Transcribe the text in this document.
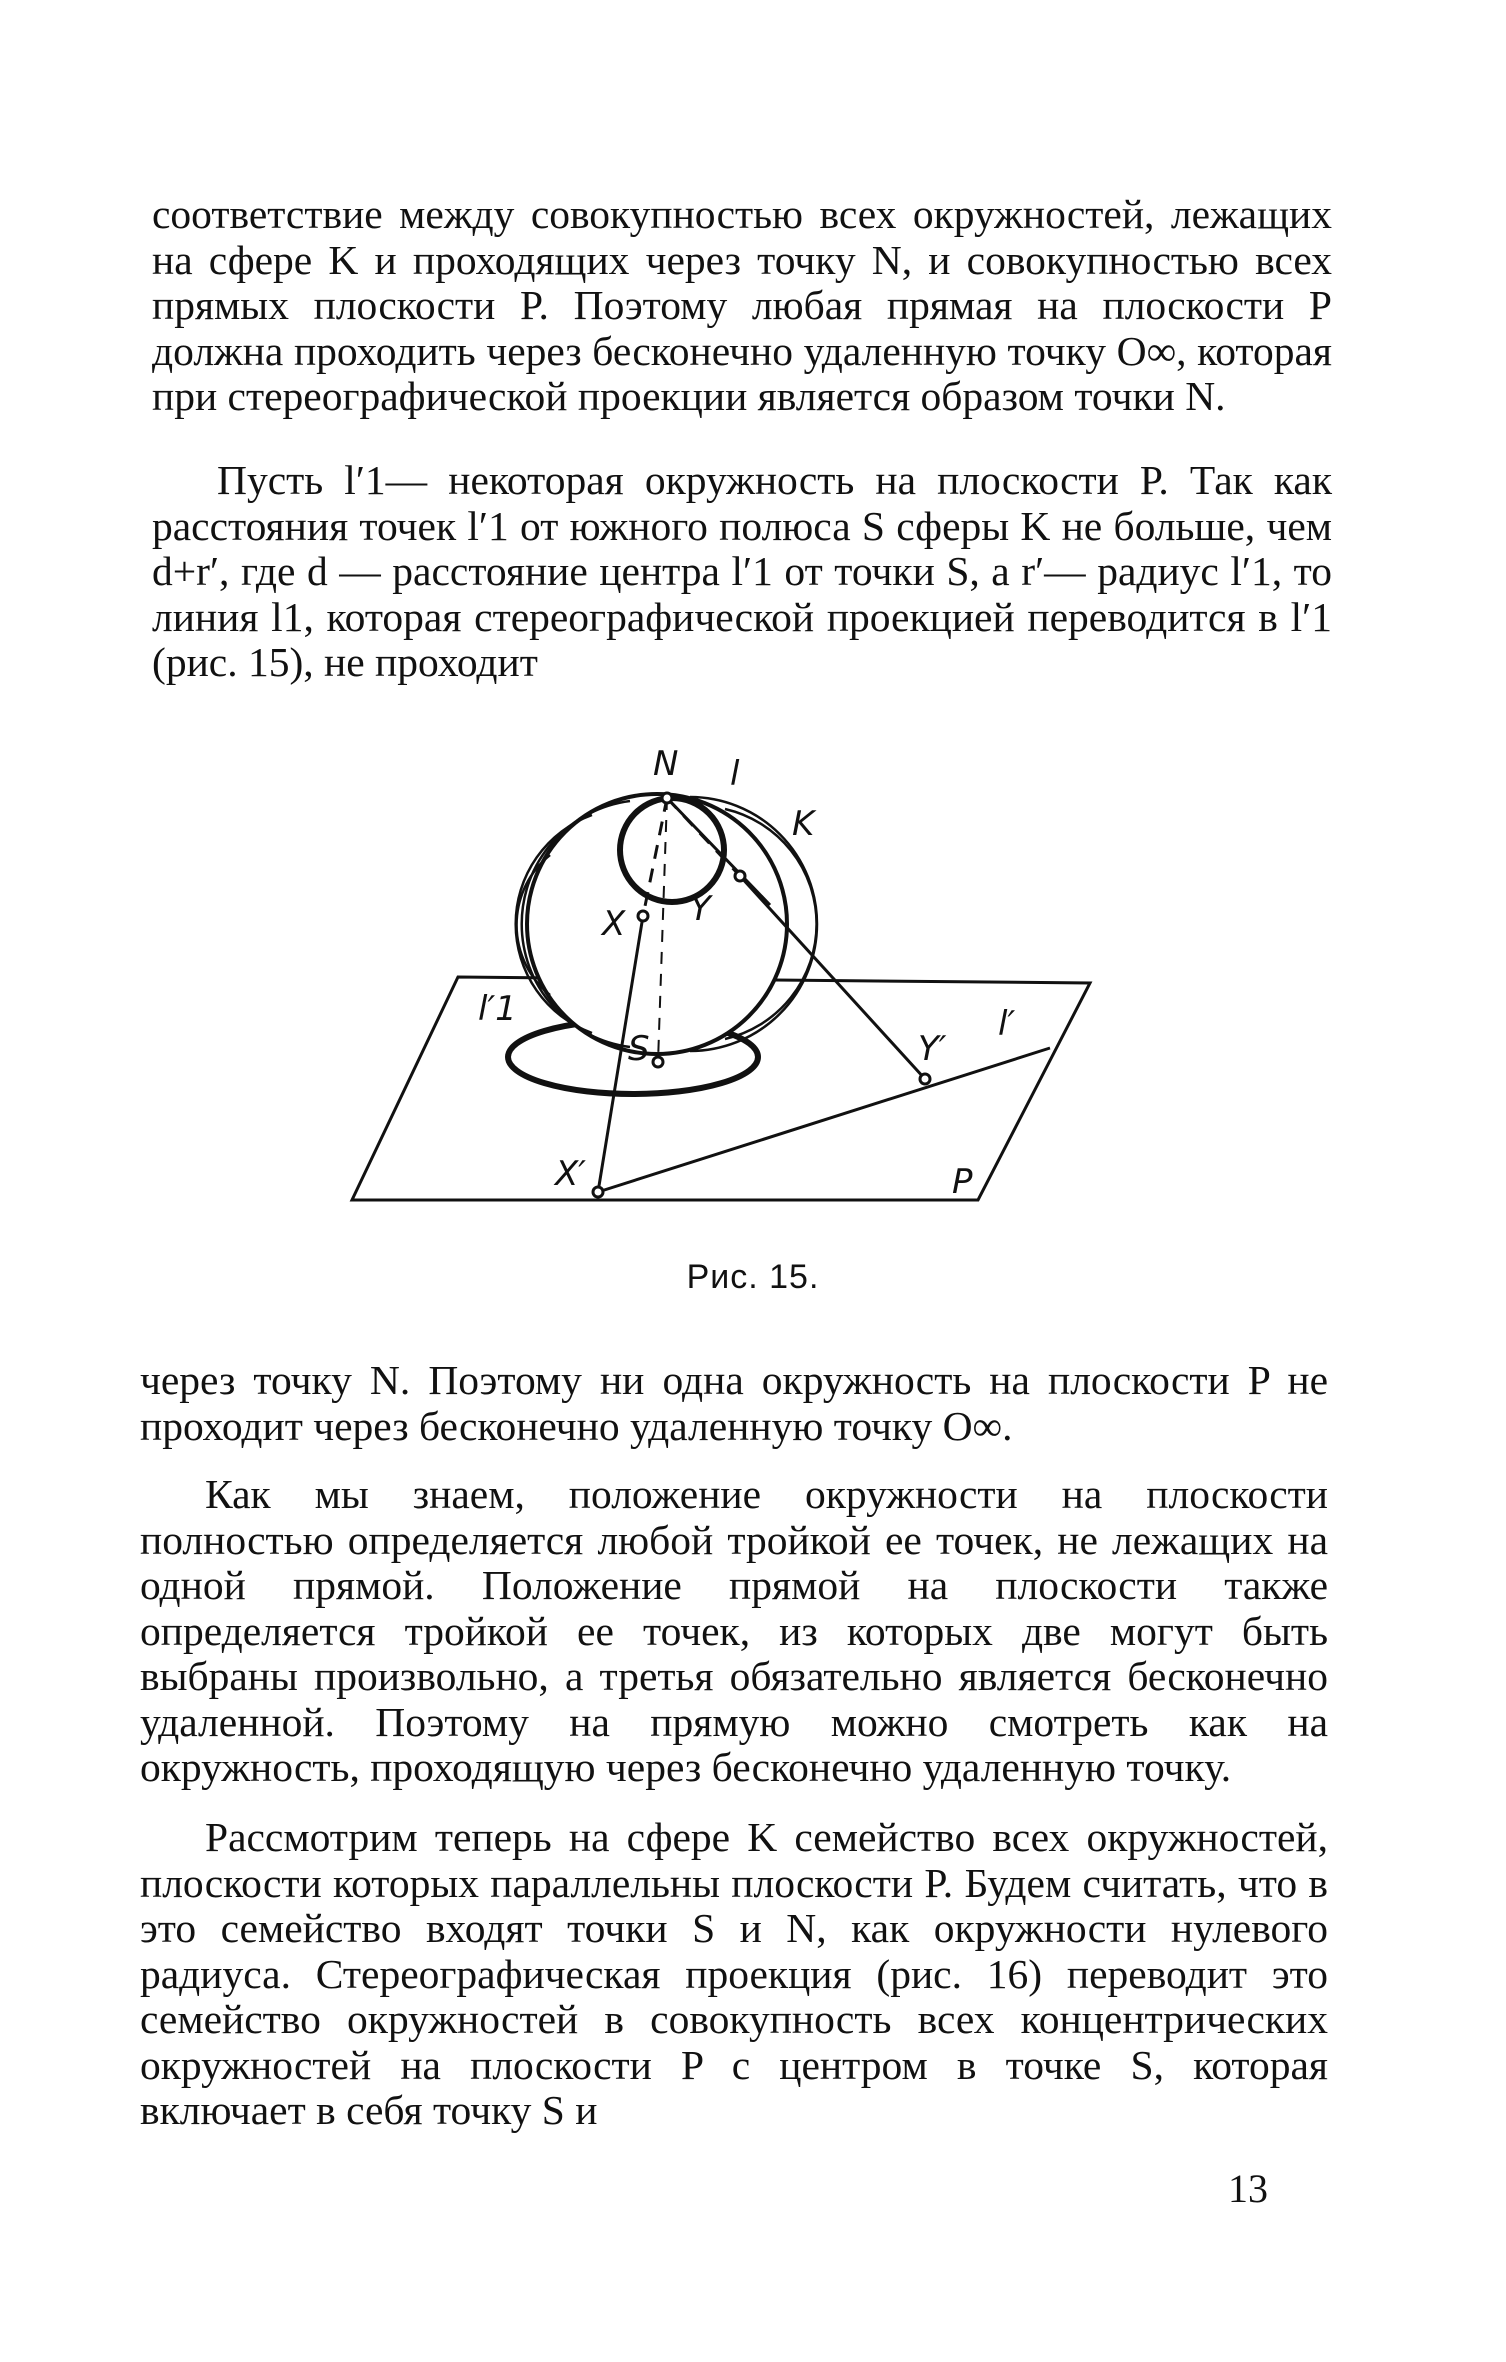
соответствие между совокупностью всех окружностей, лежащих на сфере K и проходящих через точку N, и совокупностью всех прямых плоскости P. Поэтому любая прямая на плоскости P должна проходить через бесконечно удаленную точку O∞, которая при стереографической проекции является образом точки N.

Пусть l′1— некоторая окружность на плоскости P. Так как расстояния точек l′1 от южного полюса S сферы K не больше, чем d+r′, где d — расстояние центра l′1 от точки S, а r′— радиус l′1, то линия l1, которая стереографической проекцией переводится в l′1 (рис. 15), не проходит

N l
K
X Y
l′1
S	Y′
l′
X′	P
Рис. 15.

через точку N. Поэтому ни одна окружность на плоскости P не проходит через бесконечно удаленную точку O∞.

Как мы знаем, положение окружности на плоскости полностью определяется любой тройкой ее точек, не лежащих на одной прямой. Положение прямой на плоскости также определяется тройкой ее точек, из которых две могут быть выбраны произвольно, а третья обязательно является бесконечно удаленной. Поэтому на прямую можно смотреть как на окружность, проходящую через бесконечно удаленную точку.

Рассмотрим теперь на сфере K семейство всех окружностей, плоскости которых параллельны плоскости P. Будем считать, что в это семейство входят точки S и N, как окружности нулевого радиуса. Стереографическая проекция (рис. 16) переводит это семейство окружностей в совокупность всех концентрических окружностей на плоскости P с центром в точке S, которая включает в себя точку S и

13
